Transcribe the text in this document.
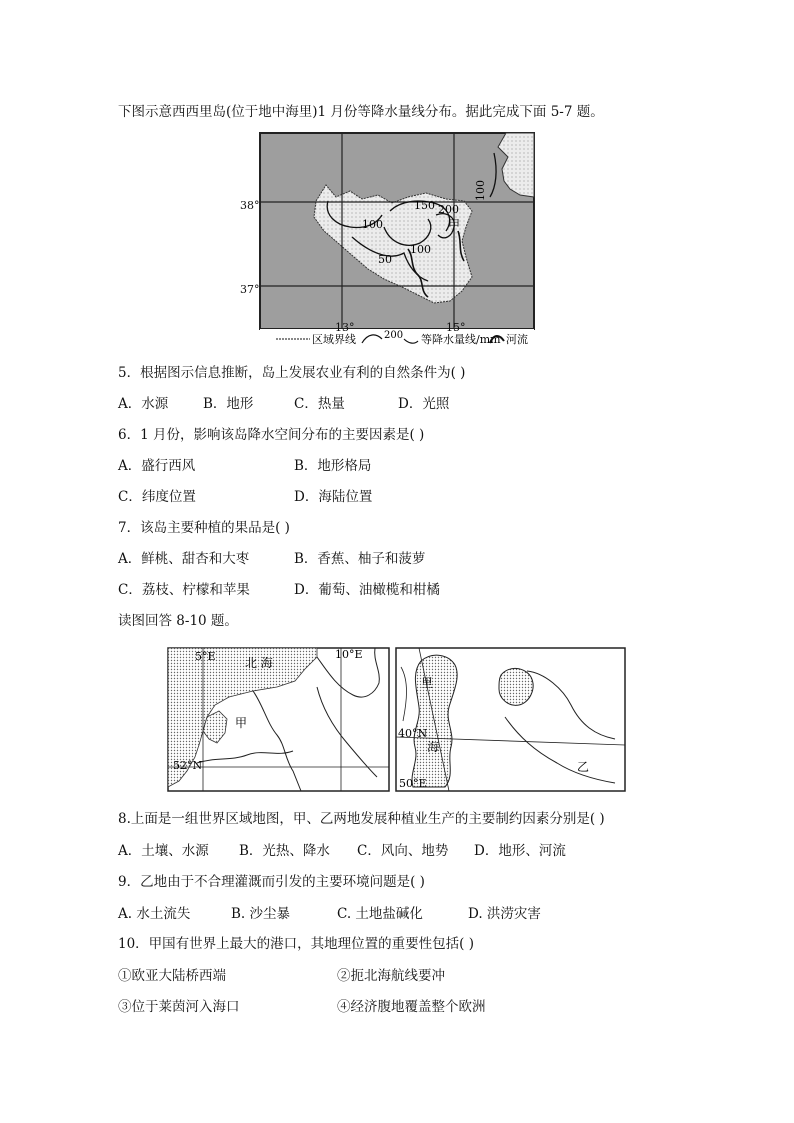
下图示意西西里岛(位于地中海里)1 月份等降水量线分布。据此完成下面 5-7 题。
100
150 200
甲
100
50
100
区域界线	200 等降水量线/mm 河流
38°
37°
13°	15°
5．根据图示信息推断，岛上发展农业有利的自然条件为( )
A．水源	B．地形	C．热量	D．光照
6．1 月份，影响该岛降水空间分布的主要因素是( )
A．盛行西风	B．地形格局
C．纬度位置	D．海陆位置
7．该岛主要种植的果品是( )
A．鲜桃、甜杏和大枣	B．香蕉、柚子和菠萝
C．荔枝、柠檬和苹果	D．葡萄、油橄榄和柑橘
读图回答 8-10 题。
5°E 北 海
10°E
甲
52°N
里
海
40°N
50°E
乙
8.上面是一组世界区域地图，甲、乙两地发展种植业生产的主要制约因素分别是( )
A．土壤、水源 B．光热、降水 C．风向、地势 D．地形、河流
9．乙地由于不合理灌溉而引发的主要环境问题是( )
A. 水土流失	B. 沙尘暴	C. 土地盐碱化	D. 洪涝灾害
10．甲国有世界上最大的港口，其地理位置的重要性包括( )
①欧亚大陆桥西端	②扼北海航线要冲
③位于莱茵河入海口	④经济腹地覆盖整个欧洲
